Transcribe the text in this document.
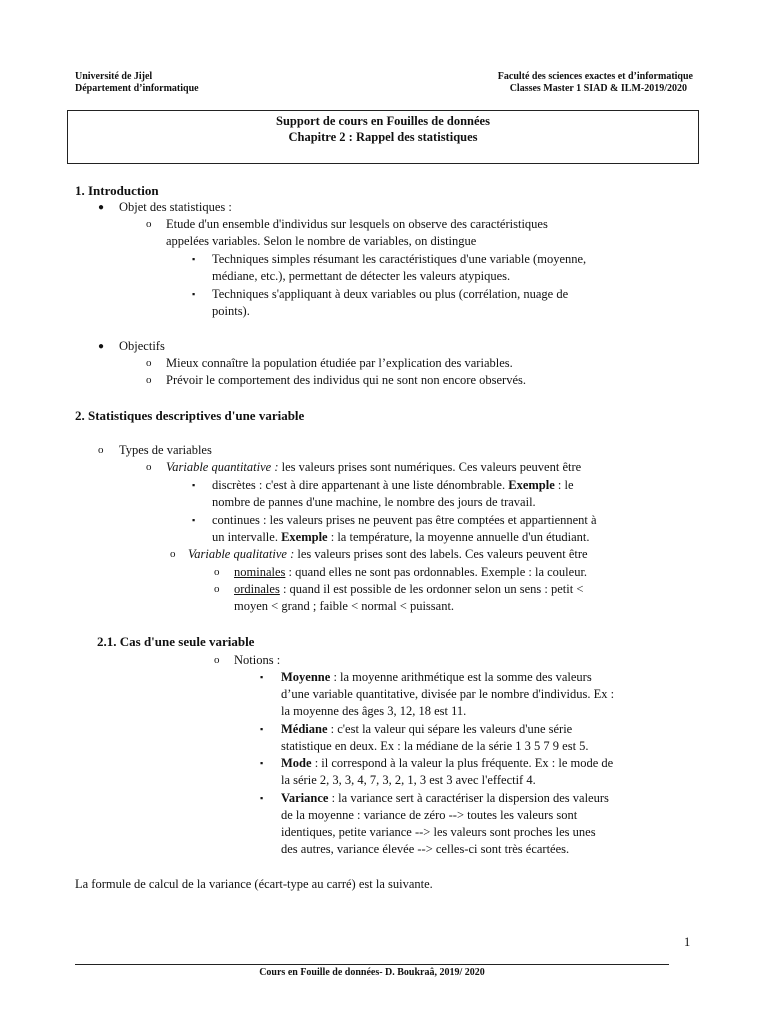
Université de Jijel
Département d’informatique
Faculté des sciences exactes et d’informatique
Classes Master 1 SIAD & ILM-2019/2020
Support de cours en Fouilles de données
Chapitre 2 : Rappel des statistiques
1. Introduction
● Objet des statistiques :
o Etude d'un ensemble d'individus sur lesquels on observe des caractéristiques
appelées variables. Selon le nombre de variables, on distingue
▪ Techniques simples résumant les caractéristiques d'une variable (moyenne,
médiane, etc.), permettant de détecter les valeurs atypiques.
▪ Techniques s'appliquant à deux variables ou plus (corrélation, nuage de
points).
● Objectifs
o Mieux connaître la population étudiée par l’explication des variables.
o Prévoir le comportement des individus qui ne sont non encore observés.
2. Statistiques descriptives d'une variable
o Types de variables
o Variable quantitative : les valeurs prises sont numériques. Ces valeurs peuvent être
▪ discrètes : c'est à dire appartenant à une liste dénombrable. Exemple : le
nombre de pannes d'une machine, le nombre des jours de travail.
▪ continues : les valeurs prises ne peuvent pas être comptées et appartiennent à
un intervalle. Exemple : la température, la moyenne annuelle d'un étudiant.
o Variable qualitative : les valeurs prises sont des labels. Ces valeurs peuvent être
o nominales : quand elles ne sont pas ordonnables. Exemple : la couleur.
o ordinales : quand il est possible de les ordonner selon un sens : petit <
moyen < grand ; faible < normal < puissant.
2.1. Cas d'une seule variable
o Notions :
▪ Moyenne : la moyenne arithmétique est la somme des valeurs
d’une variable quantitative, divisée par le nombre d'individus. Ex :
la moyenne des âges 3, 12, 18 est 11.
▪ Médiane : c'est la valeur qui sépare les valeurs d'une série
statistique en deux. Ex : la médiane de la série 1 3 5 7 9 est 5.
▪ Mode : il correspond à la valeur la plus fréquente. Ex : le mode de
la série 2, 3, 3, 4, 7, 3, 2, 1, 3 est 3 avec l'effectif 4.
▪ Variance : la variance sert à caractériser la dispersion des valeurs
de la moyenne : variance de zéro --> toutes les valeurs sont
identiques, petite variance --> les valeurs sont proches les unes
des autres, variance élevée --> celles-ci sont très écartées.
La formule de calcul de la variance (écart-type au carré) est la suivante.
1
Cours en Fouille de données- D. Boukraâ, 2019/ 2020
